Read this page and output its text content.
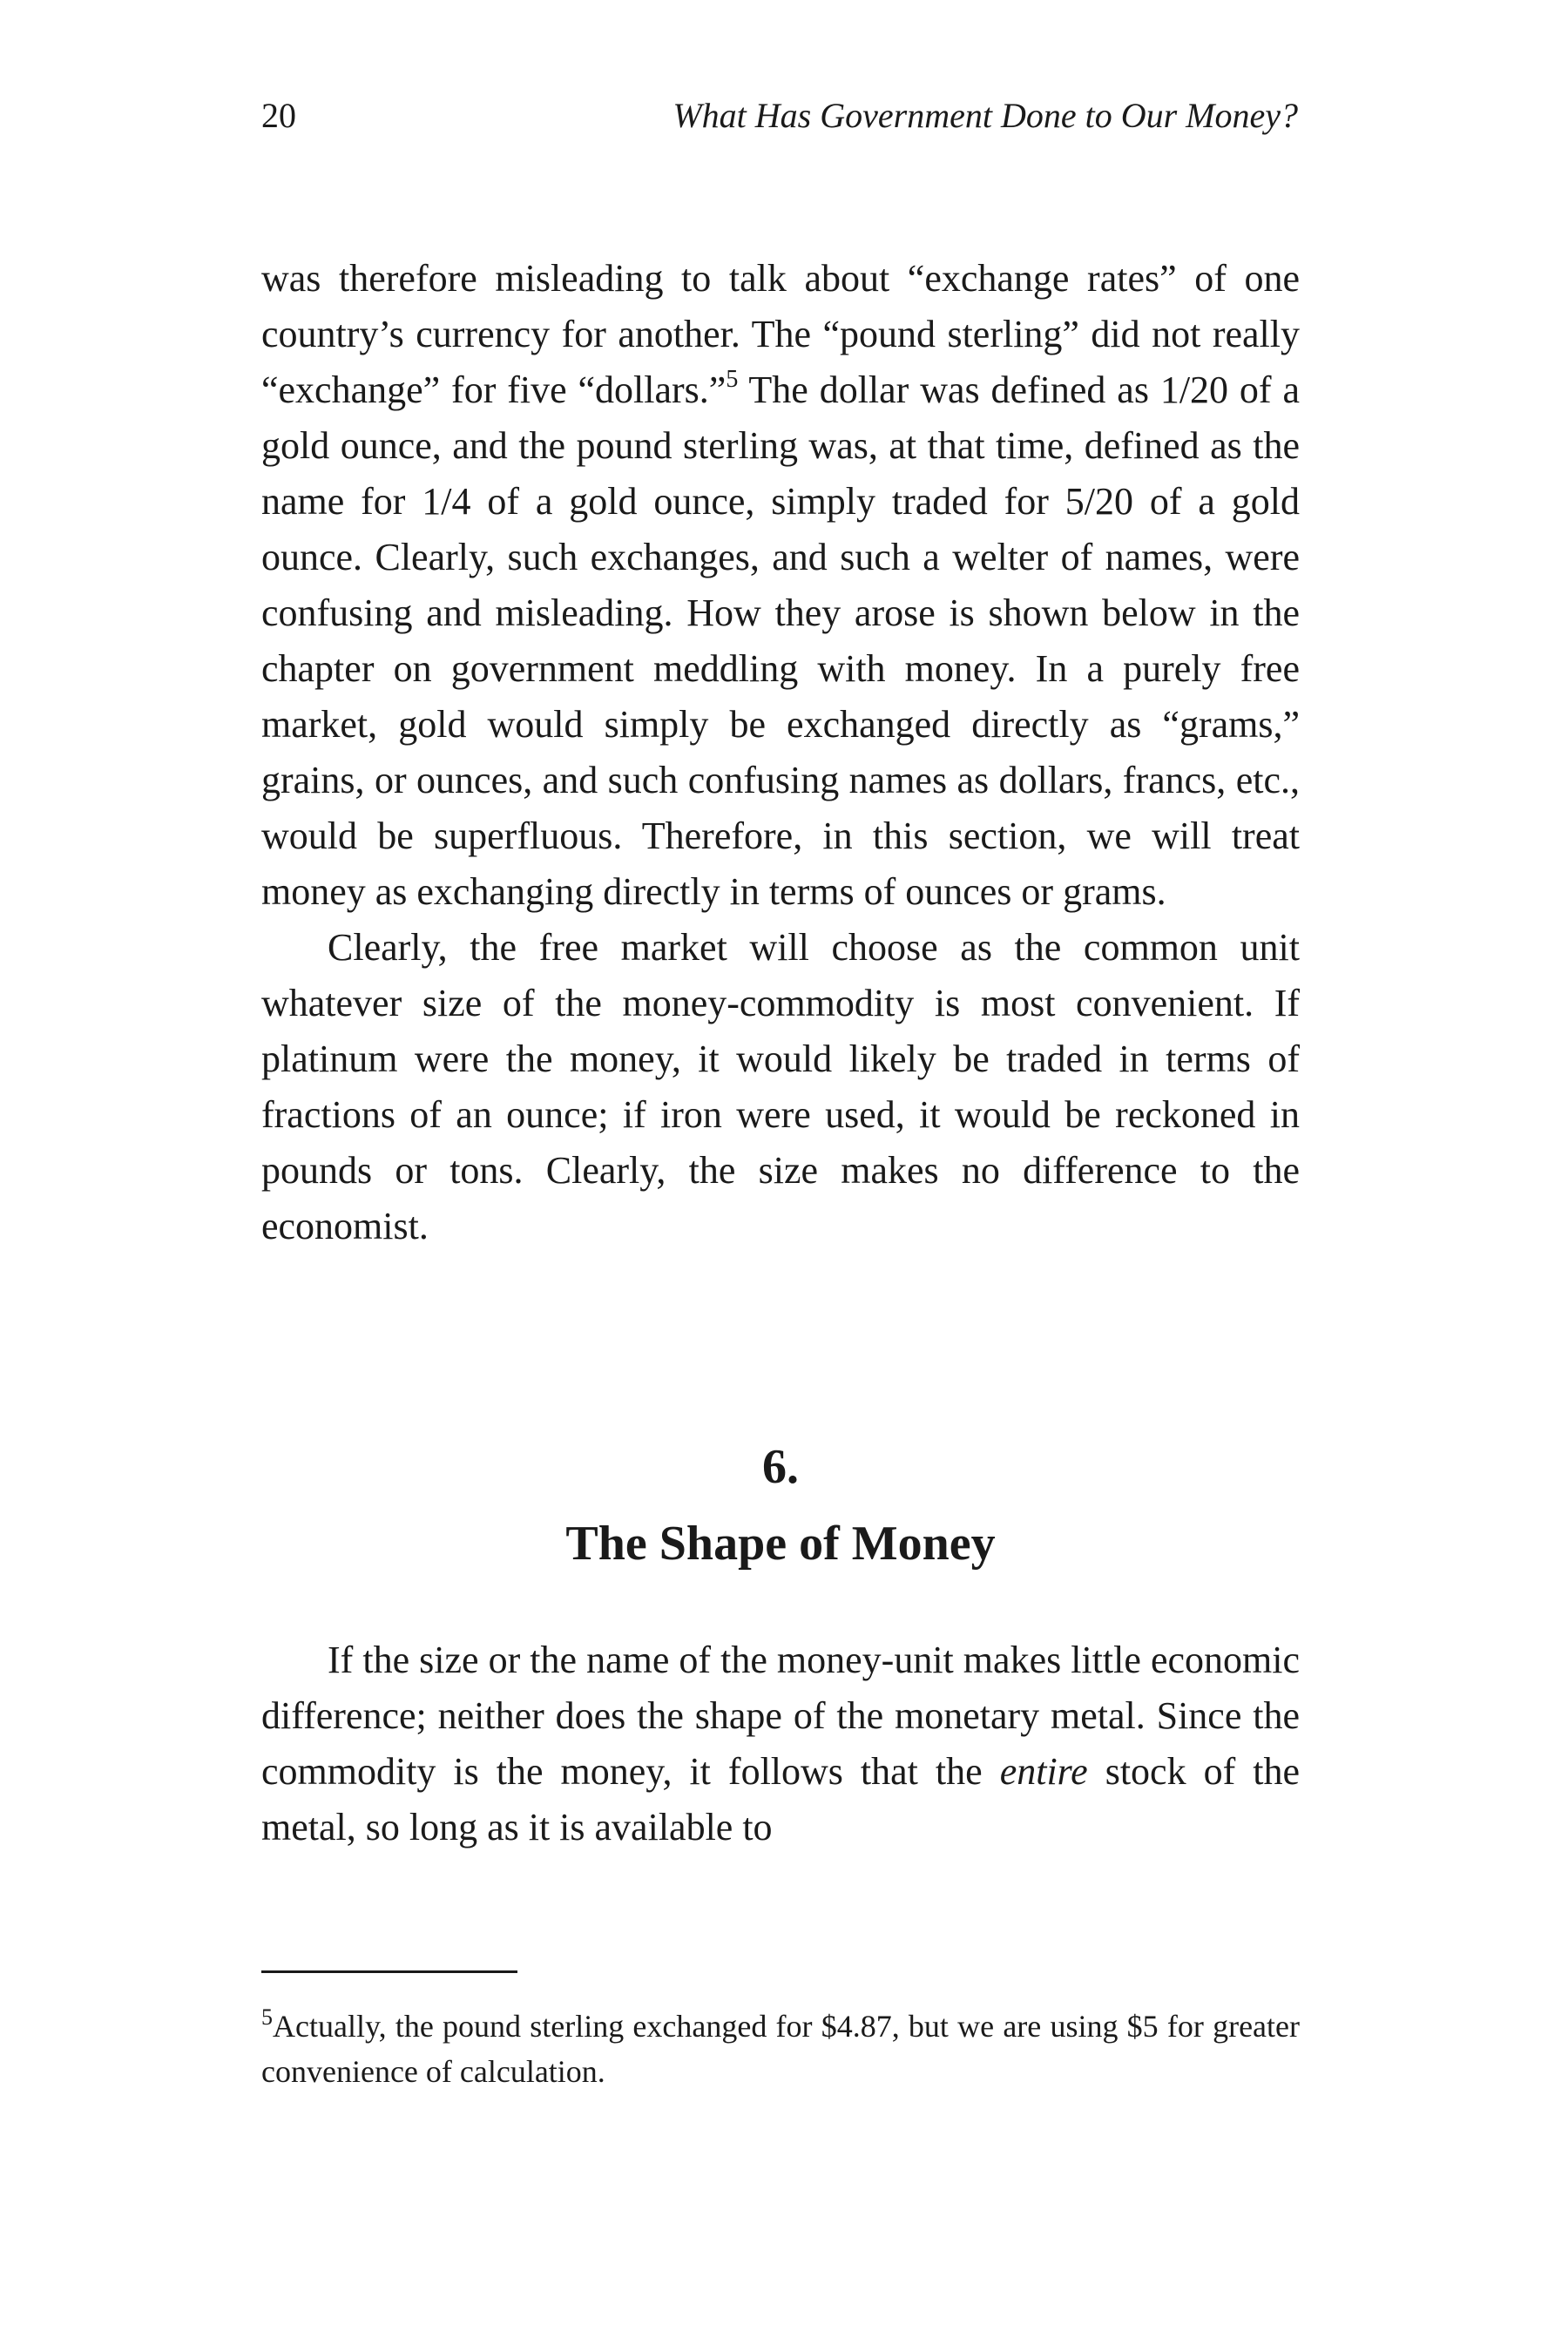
20	What Has Government Done to Our Money?

was therefore misleading to talk about “exchange rates” of one country’s currency for another. The “pound sterling” did not really “exchange” for five “dollars.”$^5$ The dollar was defined as 1/20 of a gold ounce, and the pound sterling was, at that time, defined as the name for 1/4 of a gold ounce, simply traded for 5/20 of a gold ounce. Clearly, such exchanges, and such a welter of names, were confusing and misleading. How they arose is shown below in the chapter on government meddling with money. In a purely free market, gold would simply be exchanged directly as “grams,” grains, or ounces, and such confusing names as dollars, francs, etc., would be superfluous. Therefore, in this section, we will treat money as exchanging directly in terms of ounces or grams.

Clearly, the free market will choose as the common unit whatever size of the money-commodity is most convenient. If platinum were the money, it would likely be traded in terms of fractions of an ounce; if iron were used, it would be reckoned in pounds or tons. Clearly, the size makes no difference to the economist.

6.
The Shape of Money

If the size or the name of the money-unit makes little economic difference; neither does the shape of the monetary metal. Since the commodity is the money, it follows that the entire stock of the metal, so long as it is available to

$^5$Actually, the pound sterling exchanged for $4.87, but we are using $5 for greater convenience of calculation.
